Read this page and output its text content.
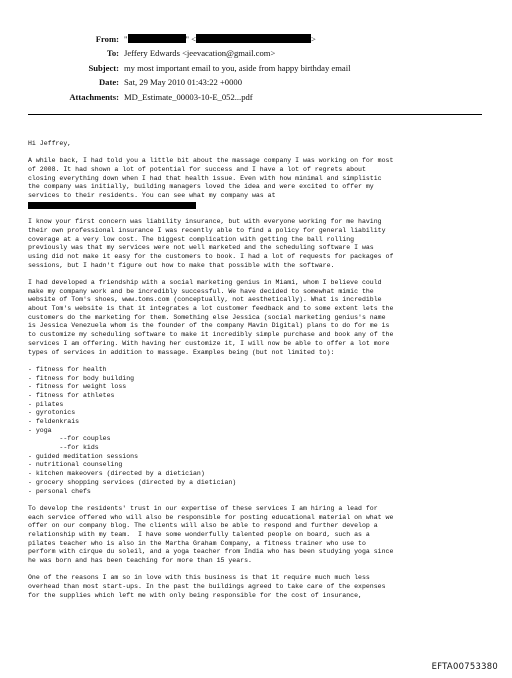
From: "	" <	>
To: Jeffery Edwards <jeevacation@gmail.com>
Subject: my most important email to you, aside from happy birthday email
Date: Sat, 29 May 2010 01:43:22 +0000
Attachments: MD_Estimate_00003-10-E_052...pdf
Hi Jeffrey,
A while back, I had told you a little bit about the massage company I was working on for most
of 2008. It had shown a lot of potential for success and I have a lot of regrets about
closing everything down when I had that health issue. Even with how minimal and simplistic
the company was initially, building managers loved the idea and were excited to offer my
services to their residents. You can see what my company was at
I know your first concern was liability insurance, but with everyone working for me having
their own professional insurance I was recently able to find a policy for general liability
coverage at a very low cost. The biggest complication with getting the ball rolling
previously was that my services were not well marketed and the scheduling software I was
using did not make it easy for the customers to book. I had a lot of requests for packages of
sessions, but I hadn't figure out how to make that possible with the software.
I had developed a friendship with a social marketing genius in Miami, whom I believe could
make my company work and be incredibly successful. We have decided to somewhat mimic the
website of Tom's shoes, www.toms.com (conceptually, not aesthetically). What is incredible
about Tom's website is that it integrates a lot customer feedback and to some extent lets the
customers do the marketing for them. Something else Jessica (social marketing genius's name
is Jessica Venezuela whom is the founder of the company Mavin Digital) plans to do for me is
to customize my scheduling software to make it incredibly simple purchase and book any of the
services I am offering. With having her customize it, I will now be able to offer a lot more
types of services in addition to massage. Examples being (but not limited to):
- fitness for health
- fitness for body building
- fitness for weight loss
- fitness for athletes
- pilates
- gyrotonics
- feldenkrais
- yoga
--for couples
--for kids
- guided meditation sessions
- nutritional counseling
- kitchen makeovers (directed by a dietician)
- grocery shopping services (directed by a dietician)
- personal chefs
To develop the residents' trust in our expertise of these services I am hiring a lead for
each service offered who will also be responsible for posting educational material on what we
offer on our company blog. The clients will also be able to respond and further develop a
relationship with my team.  I have some wonderfully talented people on board, such as a
pilates teacher who is also in the Martha Graham Company, a fitness trainer who use to
perform with cirque du soleil, and a yoga teacher from India who has been studying yoga since
he was born and has been teaching for more than 15 years.
One of the reasons I am so in love with this business is that it require much much less
overhead than most start-ups. In the past the buildings agreed to take care of the expenses
for the supplies which left me with only being responsible for the cost of insurance,
EFTA00753380
